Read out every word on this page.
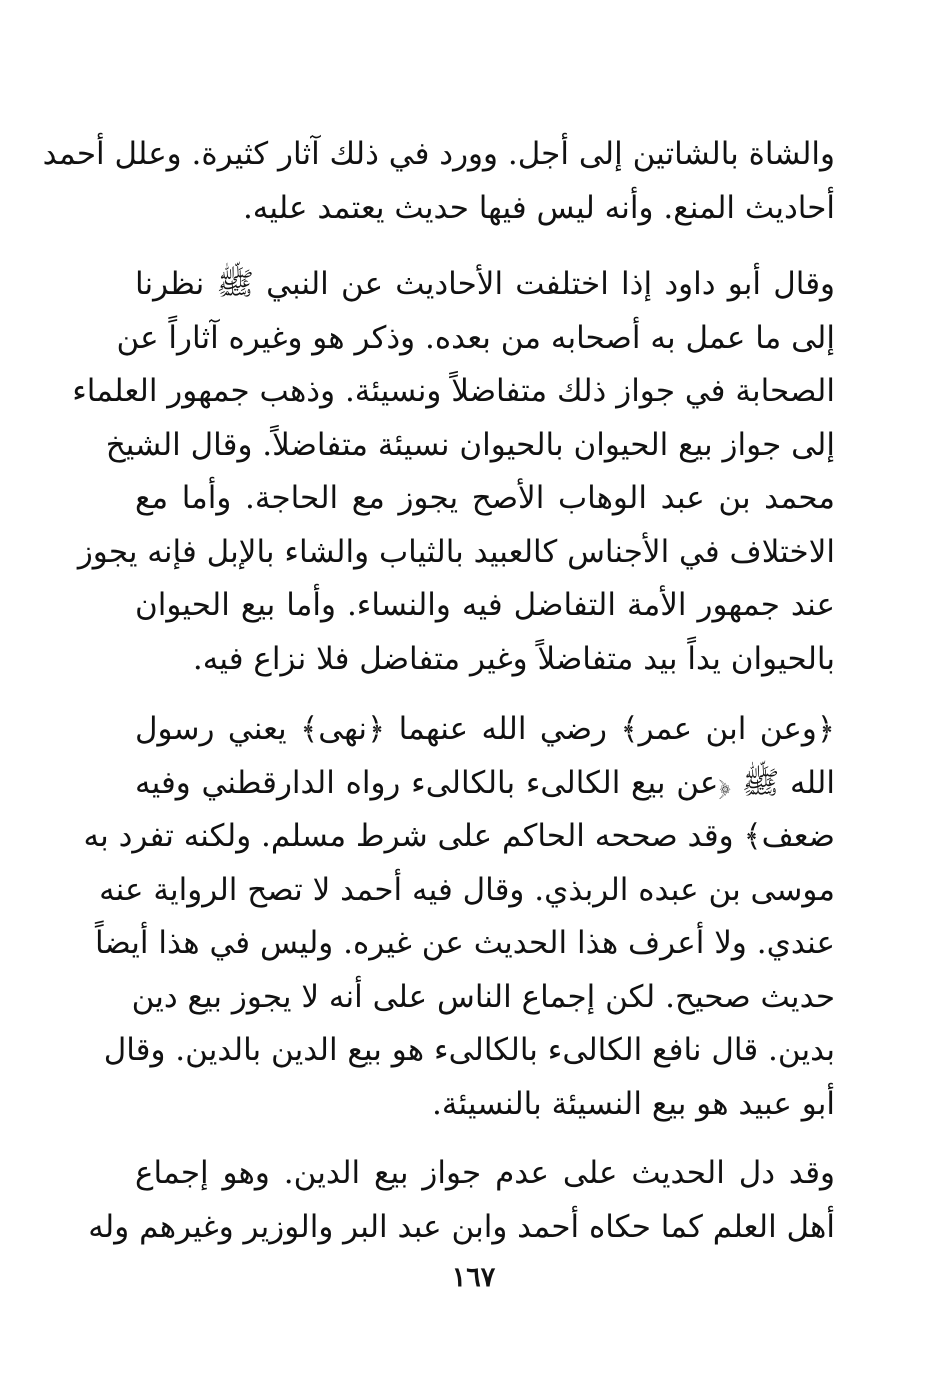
والشاة بالشاتين إلى أجل. وورد في ذلك آثار كثيرة. وعلل أحمد
أحاديث المنع. وأنه ليس فيها حديث يعتمد عليه.
وقال أبو داود إذا اختلفت الأحاديث عن النبي ﷺ نظرنا
إلى ما عمل به أصحابه من بعده. وذكر هو وغيره آثاراً عن
الصحابة في جواز ذلك متفاضلاً ونسيئة. وذهب جمهور العلماء
إلى جواز بيع الحيوان بالحيوان نسيئة متفاضلاً. وقال الشيخ
محمد بن عبد الوهاب الأصح يجوز مع الحاجة. وأما مع
الاختلاف في الأجناس كالعبيد بالثياب والشاء بالإبل فإنه يجوز
عند جمهور الأمة التفاضل فيه والنساء. وأما بيع الحيوان
بالحيوان يداً بيد متفاضلاً وغير متفاضل فلا نزاع فيه.
﴿وعن ابن عمر﴾ رضي الله عنهما ﴿نهى﴾ يعني رسول
الله ﷺ ﴿عن بيع الكالىء بالكالىء رواه الدارقطني وفيه
ضعف﴾ وقد صححه الحاكم على شرط مسلم. ولكنه تفرد به
موسى بن عبده الربذي. وقال فيه أحمد لا تصح الرواية عنه
عندي. ولا أعرف هذا الحديث عن غيره. وليس في هذا أيضاً
حديث صحيح. لكن إجماع الناس على أنه لا يجوز بيع دين
بدين. قال نافع الكالىء بالكالىء هو بيع الدين بالدين. وقال
أبو عبيد هو بيع النسيئة بالنسيئة.
وقد دل الحديث على عدم جواز بيع الدين. وهو إجماع
أهل العلم كما حكاه أحمد وابن عبد البر والوزير وغيرهم وله
١٦٧
